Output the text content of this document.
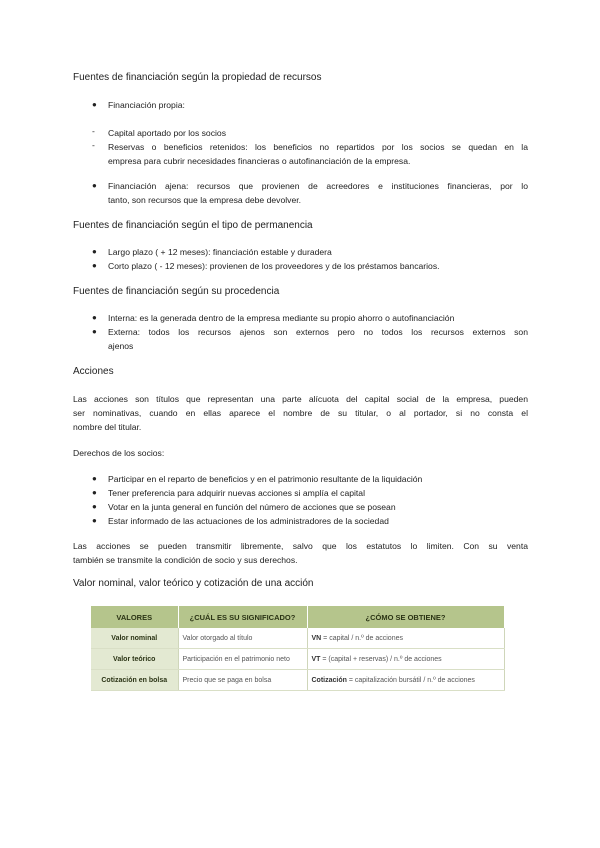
Fuentes de financiación según la propiedad de recursos
● Financiación propia:
- Capital aportado por los socios
- Reservas o beneficios retenidos: los beneficios no repartidos por los socios se quedan en la
empresa para cubrir necesidades financieras o autofinanciación de la empresa.
● Financiación ajena: recursos que provienen de acreedores e instituciones financieras, por lo
tanto, son recursos que la empresa debe devolver.
Fuentes de financiación según el tipo de permanencia
● Largo plazo ( + 12 meses): financiación estable y duradera
● Corto plazo ( - 12 meses): provienen de los proveedores y de los préstamos bancarios.
Fuentes de financiación según su procedencia
● Interna: es la generada dentro de la empresa mediante su propio ahorro o autofinanciación
● Externa: todos los recursos ajenos son externos pero no todos los recursos externos son
ajenos
Acciones
Las acciones son títulos que representan una parte alícuota del capital social de la empresa, pueden
ser nominativas, cuando en ellas aparece el nombre de su titular, o al portador, si no consta el
nombre del titular.
Derechos de los socios:
● Participar en el reparto de beneficios y en el patrimonio resultante de la liquidación
● Tener preferencia para adquirir nuevas acciones si amplía el capital
● Votar en la junta general en función del número de acciones que se posean
● Estar informado de las actuaciones de los administradores de la sociedad
Las acciones se pueden transmitir libremente, salvo que los estatutos lo limiten. Con su venta
también se transmite la condición de socio y sus derechos.
Valor nominal, valor teórico y cotización de una acción
VALORES	¿CUÁL ES SU SIGNIFICADO?	¿CÓMO SE OBTIENE?
Valor nominal	Valor otorgado al título	VN = capital / n.º de acciones
Valor teórico	Participación en el patrimonio neto	VT = (capital + reservas) / n.º de acciones
Cotización en bolsa	Precio que se paga en bolsa	Cotización = capitalización bursátil / n.º de acciones
